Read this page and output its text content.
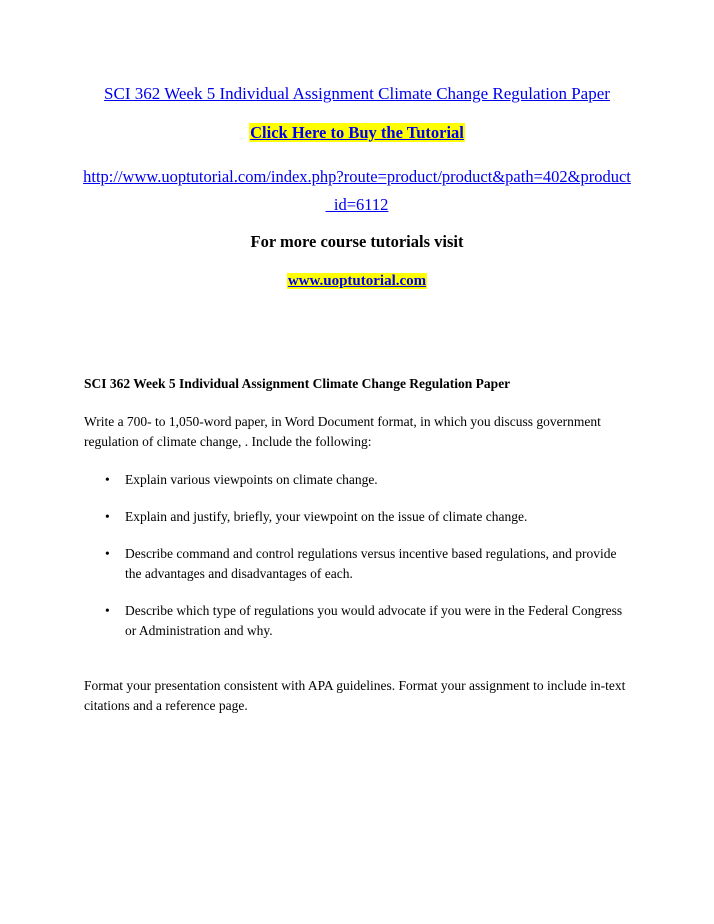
SCI 362 Week 5 Individual Assignment Climate Change Regulation Paper
Click Here to Buy the Tutorial
http://www.uoptutorial.com/index.php?route=product/product&path=402&product_id=6112
For more course tutorials visit
www.uoptutorial.com

SCI 362 Week 5 Individual Assignment Climate Change Regulation Paper

Write a 700- to 1,050-word paper, in Word Document format, in which you discuss government regulation of climate change, . Include the following:

• Explain various viewpoints on climate change.
• Explain and justify, briefly, your viewpoint on the issue of climate change.
• Describe command and control regulations versus incentive based regulations, and provide the advantages and disadvantages of each.
• Describe which type of regulations you would advocate if you were in the Federal Congress or Administration and why.

Format your presentation consistent with APA guidelines. Format your assignment to include in-text citations and a reference page.
